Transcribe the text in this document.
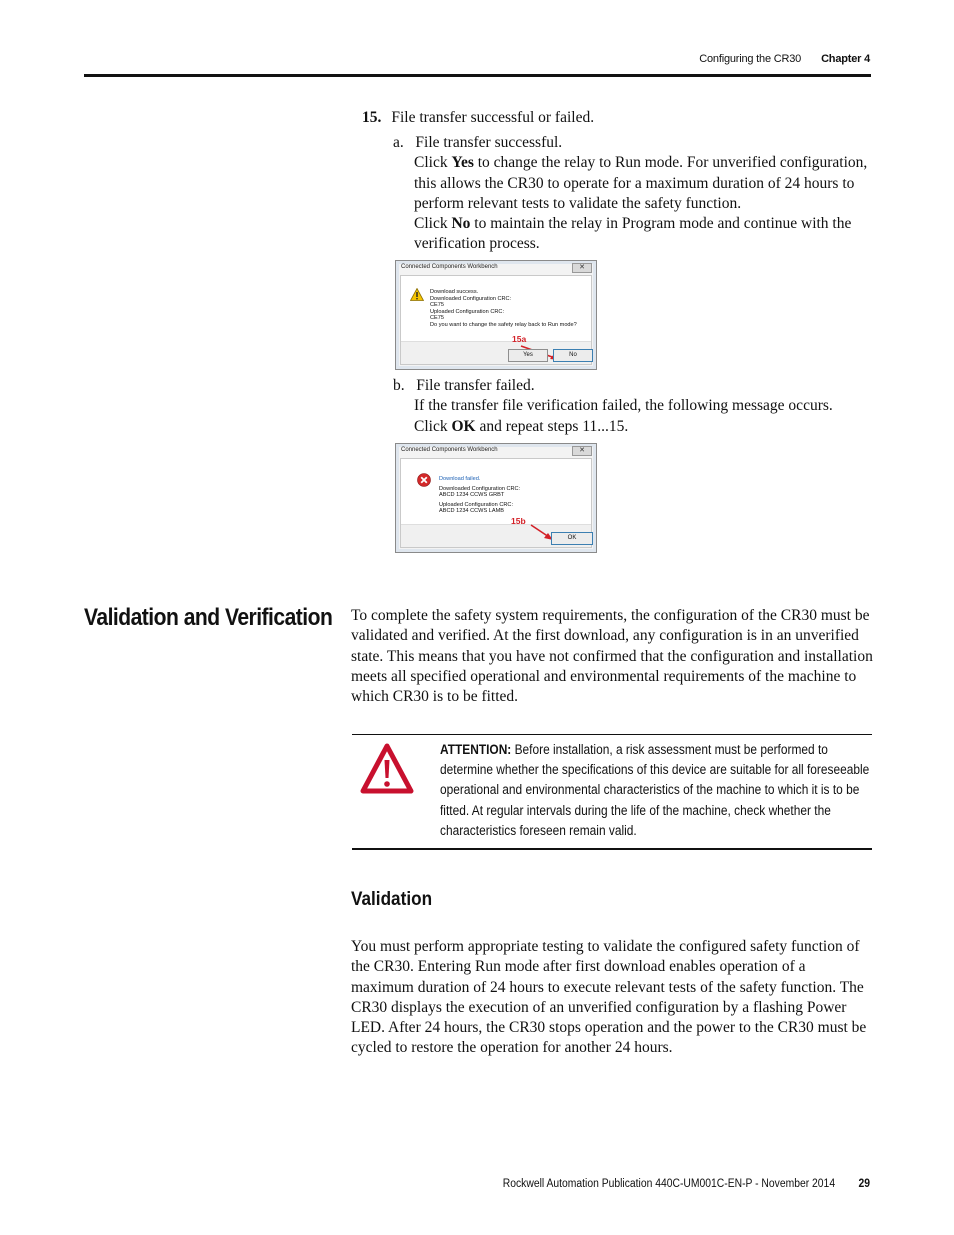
Configuring the CR30 Chapter 4
15. File transfer successful or failed.
a. File transfer successful.
Click Yes to change the relay to Run mode. For unverified configuration, this allows the CR30 to operate for a maximum duration of 24 hours to perform relevant tests to validate the safety function.
Click No to maintain the relay in Program mode and continue with the verification process.
Connected Components Workbench	✕
Download success.
Downloaded Configuration CRC:
CE75
Uploaded Configuration CRC:
CE75
Do you want to change the safety relay back to Run mode?
15a
Yes	No
b. File transfer failed.
If the transfer file verification failed, the following message occurs.
Click OK and repeat steps 11...15.
Connected Components Workbench	✕
Download failed.
Downloaded Configuration CRC:
ABCD 1234 CCWS GRBT
Uploaded Configuration CRC:
ABCD 1234 CCWS LAMB
15b
OK
Validation and Verification To complete the safety system requirements, the configuration of the CR30 must be validated and verified. At the first download, any configuration is in an unverified state. This means that you have not confirmed that the configuration and installation meets all specified operational and environmental requirements of the machine to which CR30 is to be fitted.
ATTENTION: Before installation, a risk assessment must be performed to determine whether the specifications of this device are suitable for all foreseeable operational and environmental characteristics of the machine to which it is to be fitted. At regular intervals during the life of the machine, check whether the characteristics foreseen remain valid.
Validation
You must perform appropriate testing to validate the configured safety function of the CR30. Entering Run mode after first download enables operation of a maximum duration of 24 hours to execute relevant tests of the safety function. The CR30 displays the execution of an unverified configuration by a flashing Power LED. After 24 hours, the CR30 stops operation and the power to the CR30 must be cycled to restore the operation for another 24 hours.
Rockwell Automation Publication 440C-UM001C-EN-P - November 2014 29
